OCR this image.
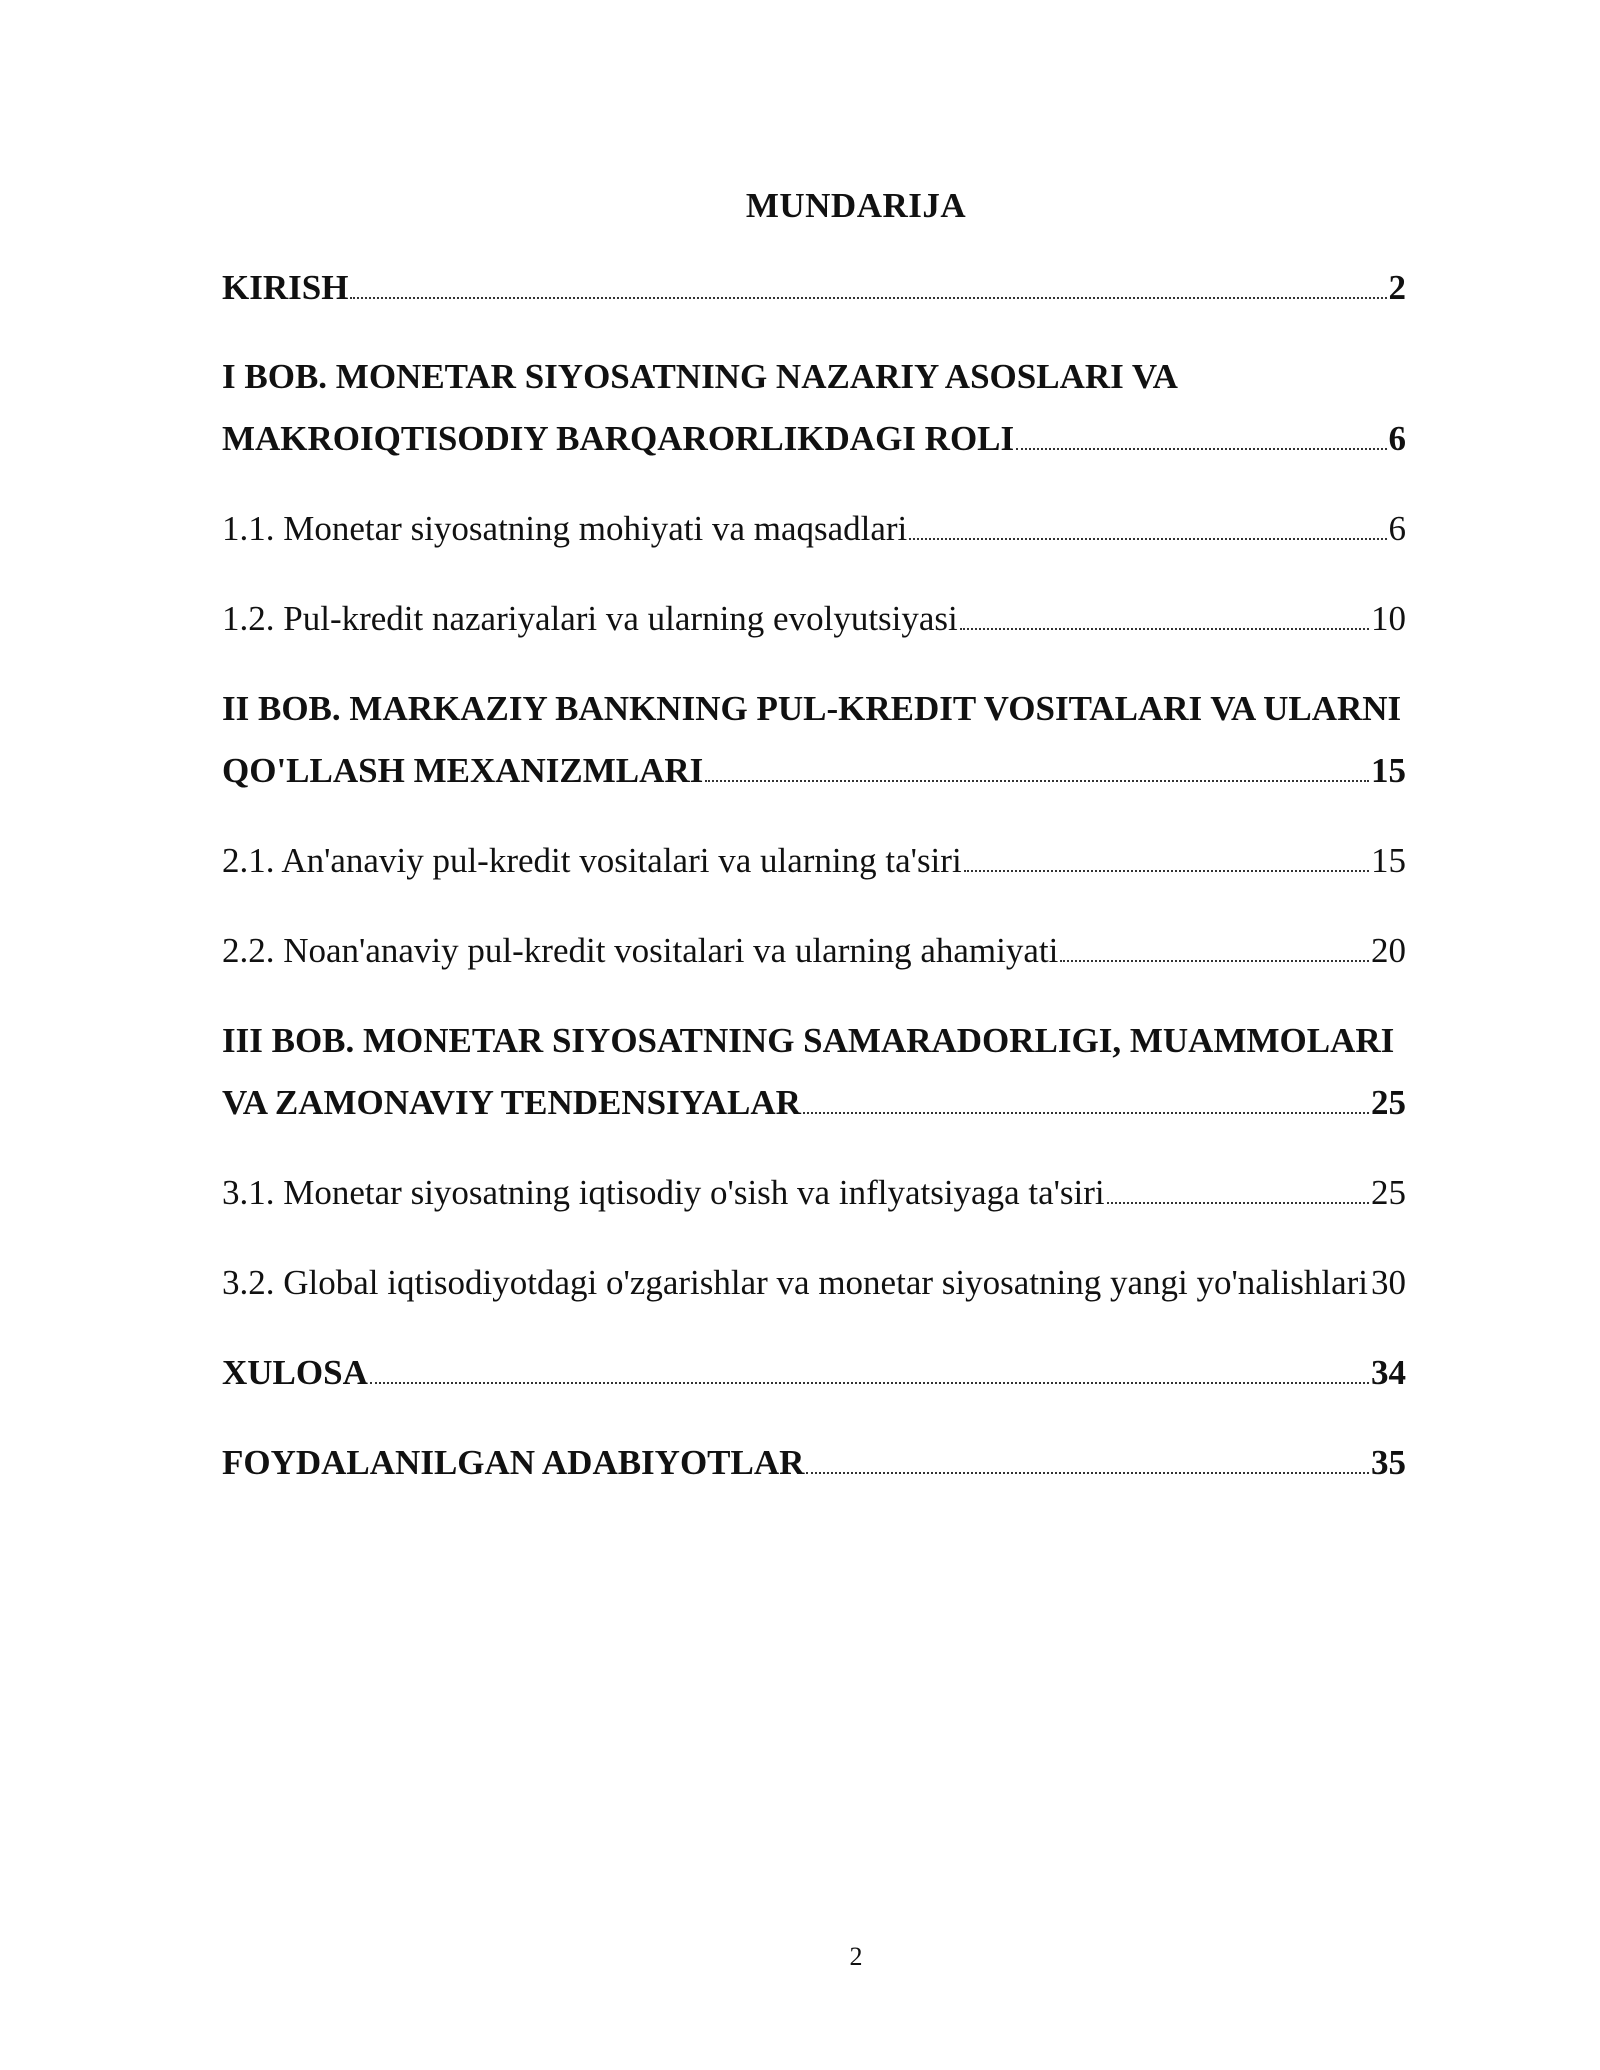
MUNDARIJA
KIRISH	2
I BOB. MONETAR SIYOSATNING NAZARIY ASOSLARI VA
MAKROIQTISODIY BARQARORLIKDAGI ROLI	6
1.1. Monetar siyosatning mohiyati va maqsadlari	6
1.2. Pul-kredit nazariyalari va ularning evolyutsiyasi	10
II BOB. MARKAZIY BANKNING PUL-KREDIT VOSITALARI VA ULARNI
QO'LLASH MEXANIZMLARI	15
2.1. An'anaviy pul-kredit vositalari va ularning ta'siri	15
2.2. Noan'anaviy pul-kredit vositalari va ularning ahamiyati	20
III BOB. MONETAR SIYOSATNING SAMARADORLIGI, MUAMMOLARI
VA ZAMONAVIY TENDENSIYALAR	25
3.1. Monetar siyosatning iqtisodiy o'sish va inflyatsiyaga ta'siri	25
3.2. Global iqtisodiyotdagi o'zgarishlar va monetar siyosatning yangi yo'nalishlari 30
XULOSA	34
FOYDALANILGAN ADABIYOTLAR	35
2
